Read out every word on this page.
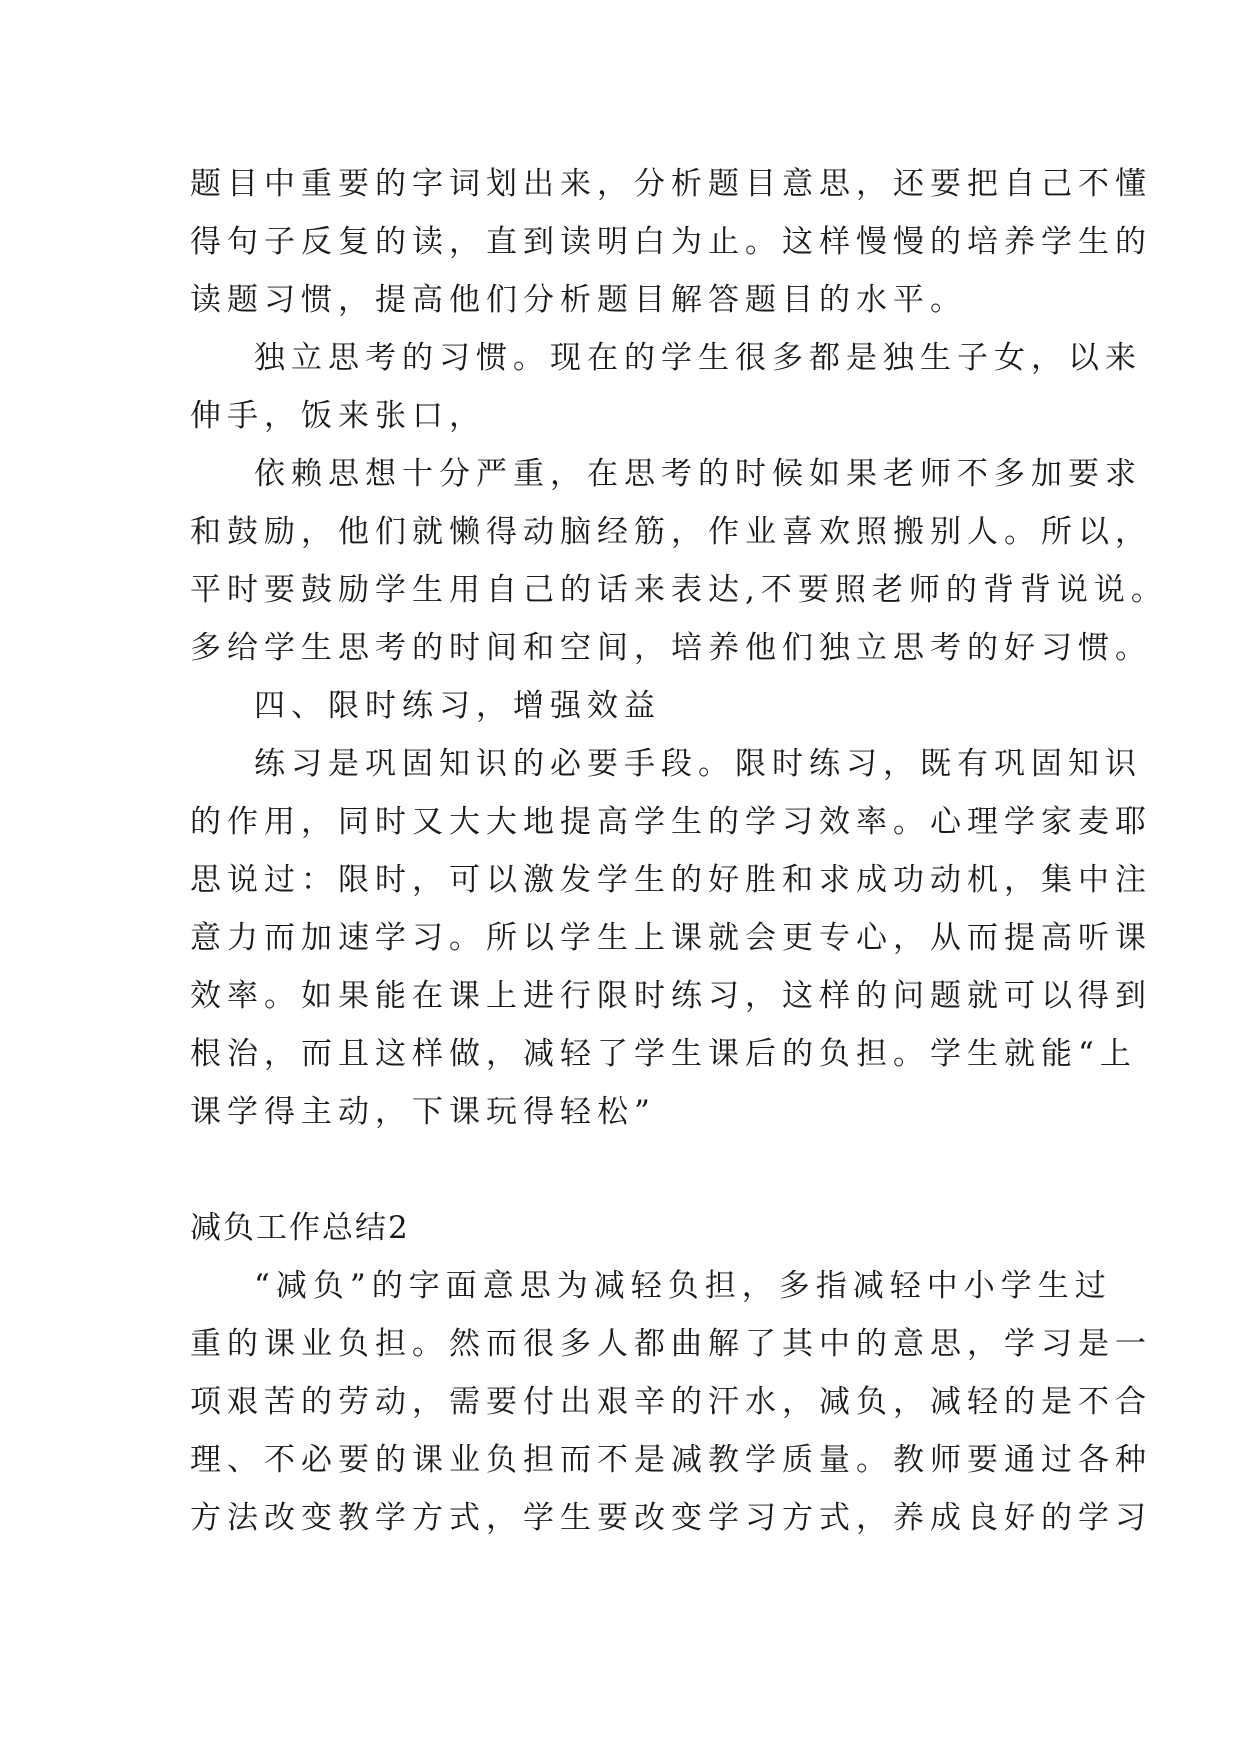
题目中重要的字词划出来，分析题目意思，还要把自己不懂
得句子反复的读，直到读明白为止。这样慢慢的培养学生的
读题习惯，提高他们分析题目解答题目的水平。

独立思考的习惯。现在的学生很多都是独生子女，以来
伸手，饭来张口，

依赖思想十分严重，在思考的时候如果老师不多加要求
和鼓励，他们就懒得动脑经筋，作业喜欢照搬别人。所以，
平时要鼓励学生用自己的话来表达,不要照老师的背背说说。
多给学生思考的时间和空间，培养他们独立思考的好习惯。

四、限时练习，增强效益

练习是巩固知识的必要手段。限时练习，既有巩固知识
的作用，同时又大大地提高学生的学习效率。心理学家麦耶
思说过：限时，可以激发学生的好胜和求成功动机，集中注
意力而加速学习。所以学生上课就会更专心，从而提高听课
效率。如果能在课上进行限时练习，这样的问题就可以得到
根治，而且这样做，减轻了学生课后的负担。学生就能“上
课学得主动，下课玩得轻松”

减负工作总结2

“减负”的字面意思为减轻负担，多指减轻中小学生过
重的课业负担。然而很多人都曲解了其中的意思，学习是一
项艰苦的劳动，需要付出艰辛的汗水，减负，减轻的是不合
理、不必要的课业负担而不是减教学质量。教师要通过各种
方法改变教学方式，学生要改变学习方式，养成良好的学习
